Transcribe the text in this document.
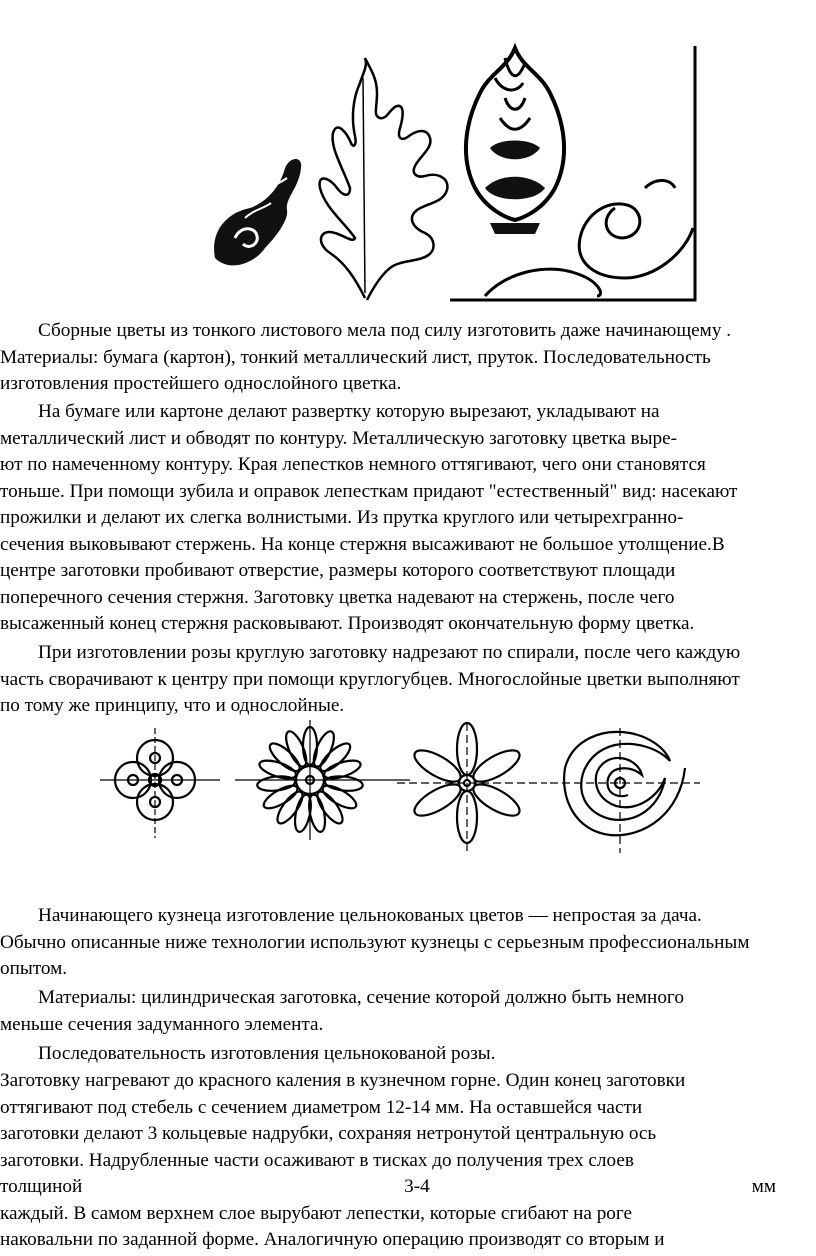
Сборные цветы из тонкого листового мела под силу изготовить даже начинающему .
Материалы: бумага (картон), тонкий металлический лист, пруток. Последовательность
изготовления простейшего однослойного цветка.

На бумаге или картоне делают развертку которую вырезают, укладывают на
металлический лист и обводят по контуру. Металлическую заготовку цветка выре-
ют по намеченному контуру. Края лепестков немного оттягивают, чего они становятся
тоньше. При помощи зубила и оправок лепесткам придают "естественный" вид: насекают
прожилки и делают их слегка волнистыми. Из прутка круглого или четырехгранно-
сечения выковывают стержень. На конце стержня высаживают не большое утолщение.В
центре заготовки пробивают отверстие, размеры которого соответствуют площади
поперечного сечения стержня. Заготовку цветка надевают на стержень, после чего
высаженный конец стержня расковывают. Производят окончательную форму цветка.

При изготовлении розы круглую заготовку надрезают по спирали, после чего каждую
часть сворачивают к центру при помощи круглогубцев. Многослойные цветки выполняют
по тому же принципу, что и однослойные.

Начинающего кузнеца изготовление цельнокованых цветов — непростая за дача.
Обычно описанные ниже технологии используют кузнецы с серьезным профессиональным
опытом.

Материалы: цилиндрическая заготовка, сечение которой должно быть немного
меньше сечения задуманного элемента.

Последовательность изготовления цельнокованой розы.

Заготовку нагревают до красного каления в кузнечном горне. Один конец заготовки
оттягивают под стебель с сечением диаметром 12-14 мм. На оставшейся части
заготовки делают 3 кольцевые надрубки, сохраняя нетронутой центральную ось
заготовки. Надрубленные части осаживают в тисках до получения трех слоев
толщиной	3-4	мм
каждый. В самом верхнем слое вырубают лепестки, которые сгибают на роге
наковальни по заданной форме. Аналогичную операцию производят со вторым и
